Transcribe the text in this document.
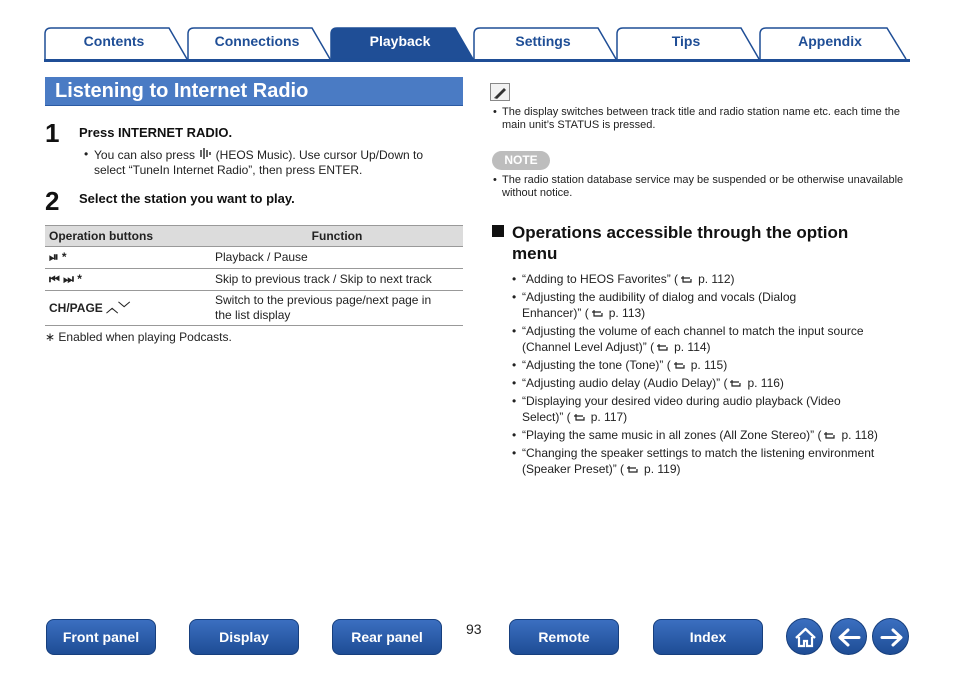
Contents	Connections	Playback	Settings	Tips	Appendix
Listening to Internet Radio
1 Press INTERNET RADIO.
• You can also press (HEOS Music). Use cursor Up/Down to
select “TuneIn Internet Radio”, then press ENTER.
2 Select the station you want to play.
Operation buttons	Function
⏯ *	Playback / Pause
⏮ ⏭ *	Skip to previous track / Skip to next track
CH/PAGE ︿﹀	Switch to the previous page/next page in
the list display
∗ Enabled when playing Podcasts.
• The display switches between track title and radio station name etc. each time the
main unit’s STATUS is pressed.
NOTE
• The radio station database service may be suspended or be otherwise unavailable
without notice.
Operations accessible through the option
menu
• “Adding to HEOS Favorites” ( p. 112)
• “Adjusting the audibility of dialog and vocals (Dialog
Enhancer)” ( p. 113)
• “Adjusting the volume of each channel to match the input source
(Channel Level Adjust)” ( p. 114)
• “Adjusting the tone (Tone)” ( p. 115)
• “Adjusting audio delay (Audio Delay)” ( p. 116)
• “Displaying your desired video during audio playback (Video
Select)” ( p. 117)
• “Playing the same music in all zones (All Zone Stereo)” ( p. 118)
• “Changing the speaker settings to match the listening environment
(Speaker Preset)” ( p. 119)
Front panel	Display	Rear panel	93	Remote	Index
